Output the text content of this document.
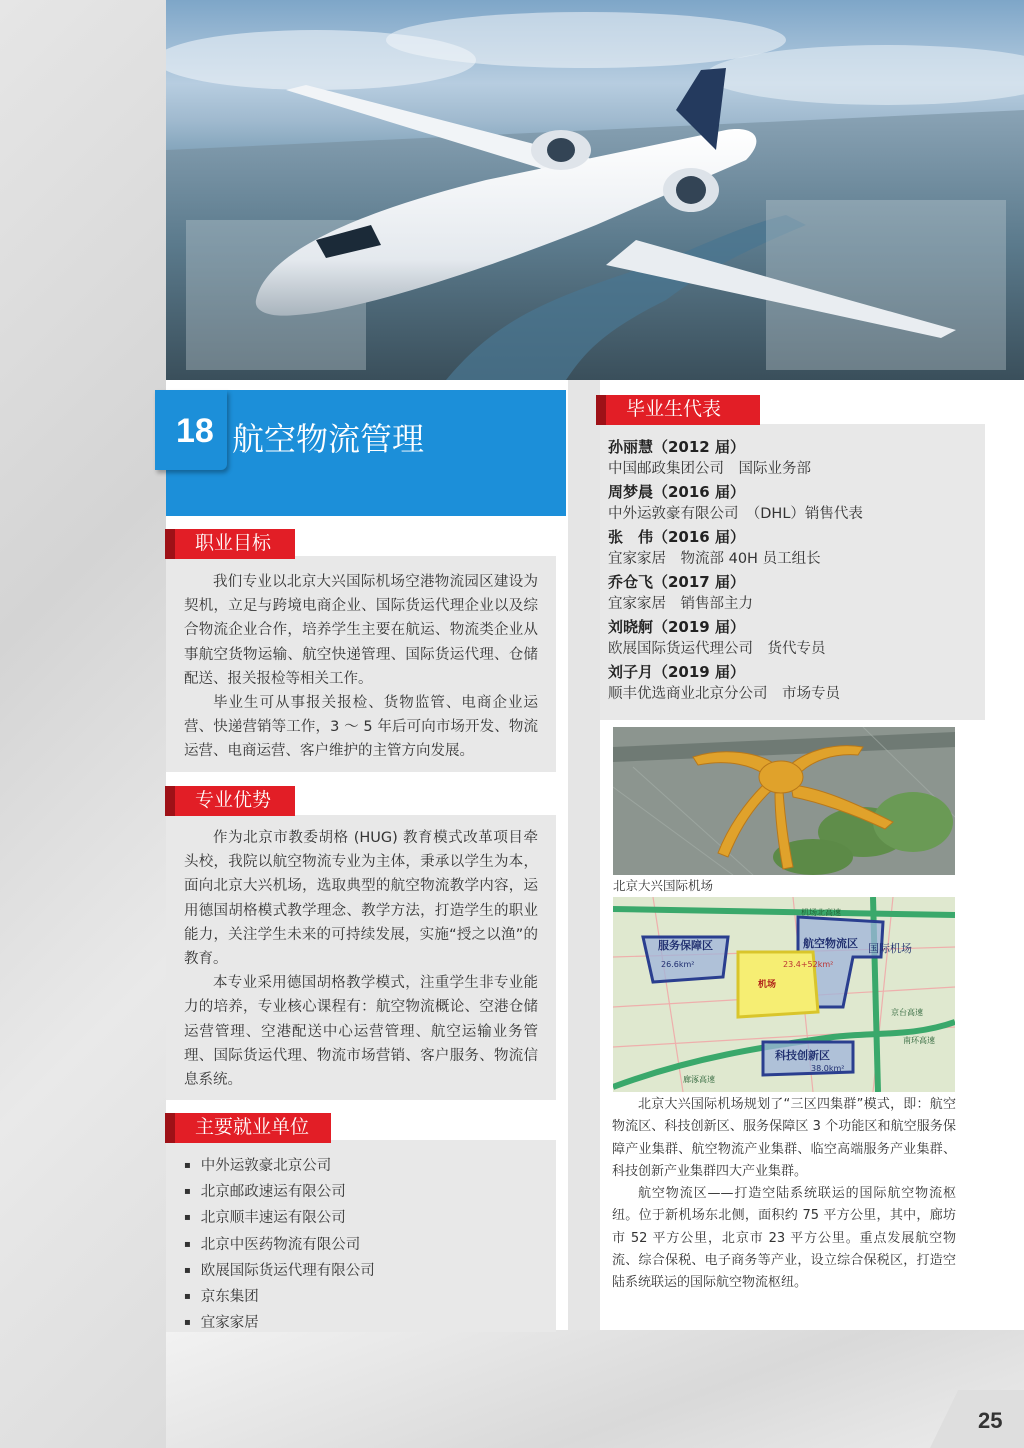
18 航空物流管理
职业目标

我们专业以北京大兴国际机场空港物流园区建设为契机，立足与跨境电商企业、国际货运代理企业以及综合物流企业合作，培养学生主要在航运、物流类企业从事航空货物运输、航空快递管理、国际货运代理、仓储配送、报关报检等相关工作。

毕业生可从事报关报检、货物监管、电商企业运营、快递营销等工作，3 ～ 5 年后可向市场开发、物流运营、电商运营、客户维护的主管方向发展。

专业优势

作为北京市教委胡格 (HUG) 教育模式改革项目牵头校，我院以航空物流专业为主体，秉承以学生为本，面向北京大兴机场，选取典型的航空物流教学内容，运用德国胡格模式教学理念、教学方法，打造学生的职业能力，关注学生未来的可持续发展，实施“授之以渔”的教育。

本专业采用德国胡格教学模式，注重学生非专业能力的培养，专业核心课程有：航空物流概论、空港仓储运营管理、空港配送中心运营管理、航空运输业务管理、国际货运代理、物流市场营销、客户服务、物流信息系统。

主要就业单位
▪ 中外运敦豪北京公司
▪ 北京邮政速运有限公司
▪ 北京顺丰速运有限公司
▪ 北京中医药物流有限公司
▪ 欧展国际货运代理有限公司
▪ 京东集团
▪ 宜家家居
毕业生代表
孙丽慧（2012 届）
中国邮政集团公司　国际业务部
周梦晨（2016 届）
中外运敦豪有限公司　（DHL）销售代表
张　伟（2016 届）
宜家家居　物流部 40H 员工组长
乔仓飞（2017 届）
宜家家居　销售部主力
刘晓舸（2019 届）
欧展国际货运代理公司　货代专员
刘子月（2019 届）
顺丰优选商业北京分公司　市场专员
北京大兴国际机场
机场北高速
服务保障区
26.6km²
航空物流区 国际机场
23.4+52km²
机场
京台高速
科技创新区
38.0km²
廊涿高速
南环高速

北京大兴国际机场规划了“三区四集群”模式，即：航空物流区、科技创新区、服务保障区 3 个功能区和航空服务保障产业集群、航空物流产业集群、临空高端服务产业集群、科技创新产业集群四大产业集群。

航空物流区——打造空陆系统联运的国际航空物流枢纽。位于新机场东北侧，面积约 75 平方公里，其中，廊坊市 52 平方公里，北京市 23 平方公里。重点发展航空物流、综合保税、电子商务等产业，设立综合保税区，打造空陆系统联运的国际航空物流枢纽。

25
